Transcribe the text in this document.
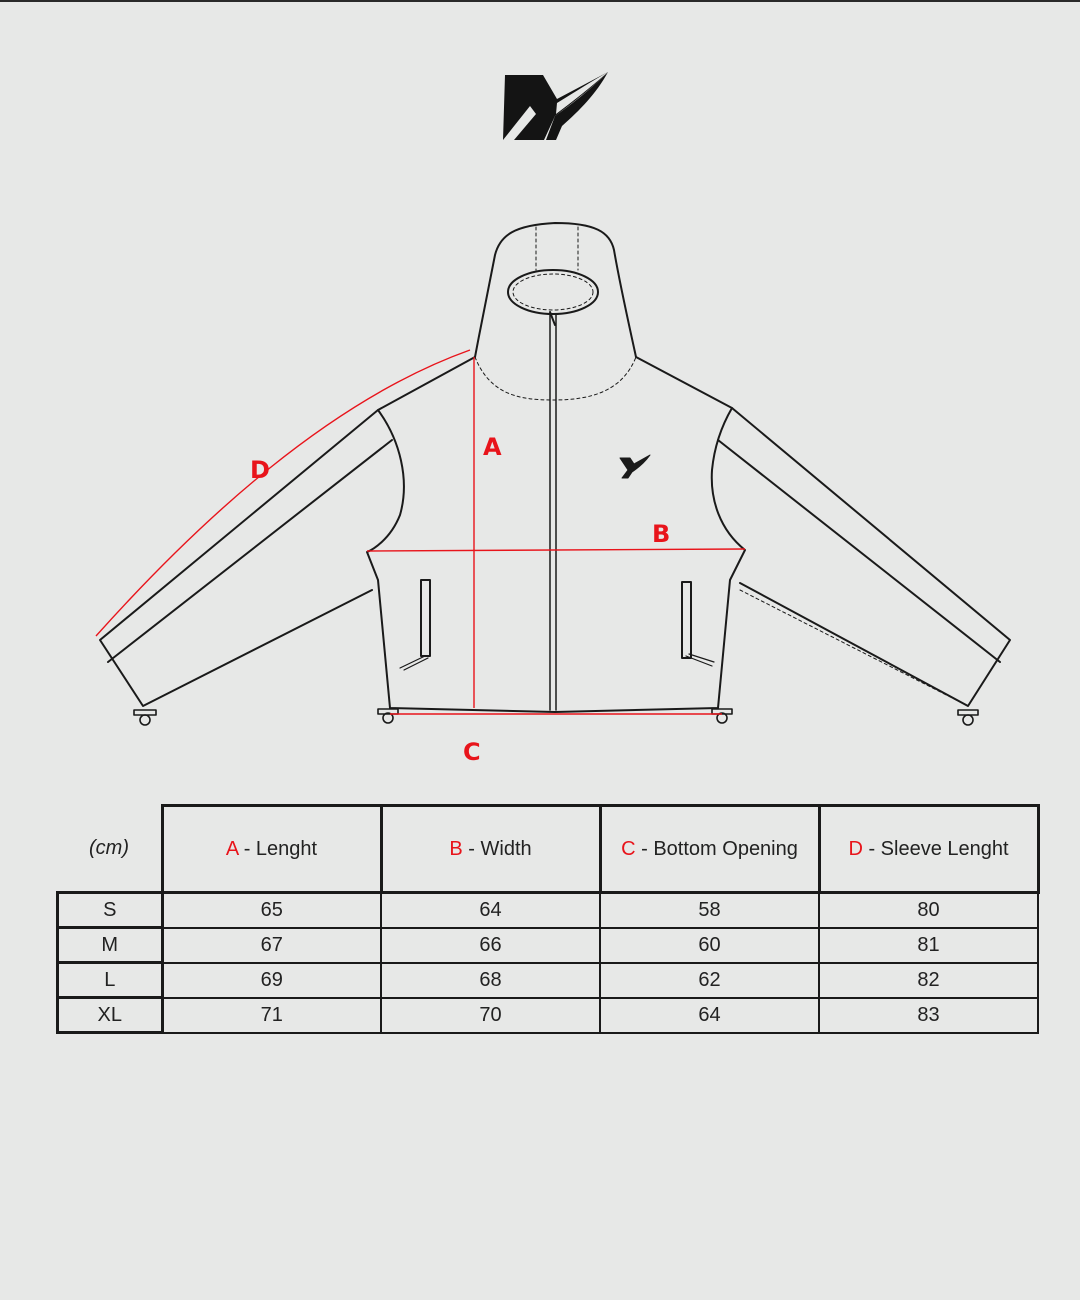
A
B
C
D
(cm)	A - Lenght	B - Width	C - Bottom Opening	D - Sleeve Lenght
S	65	64	58	80
M	67	66	60	81
L	69	68	62	82
XL	71	70	64	83
